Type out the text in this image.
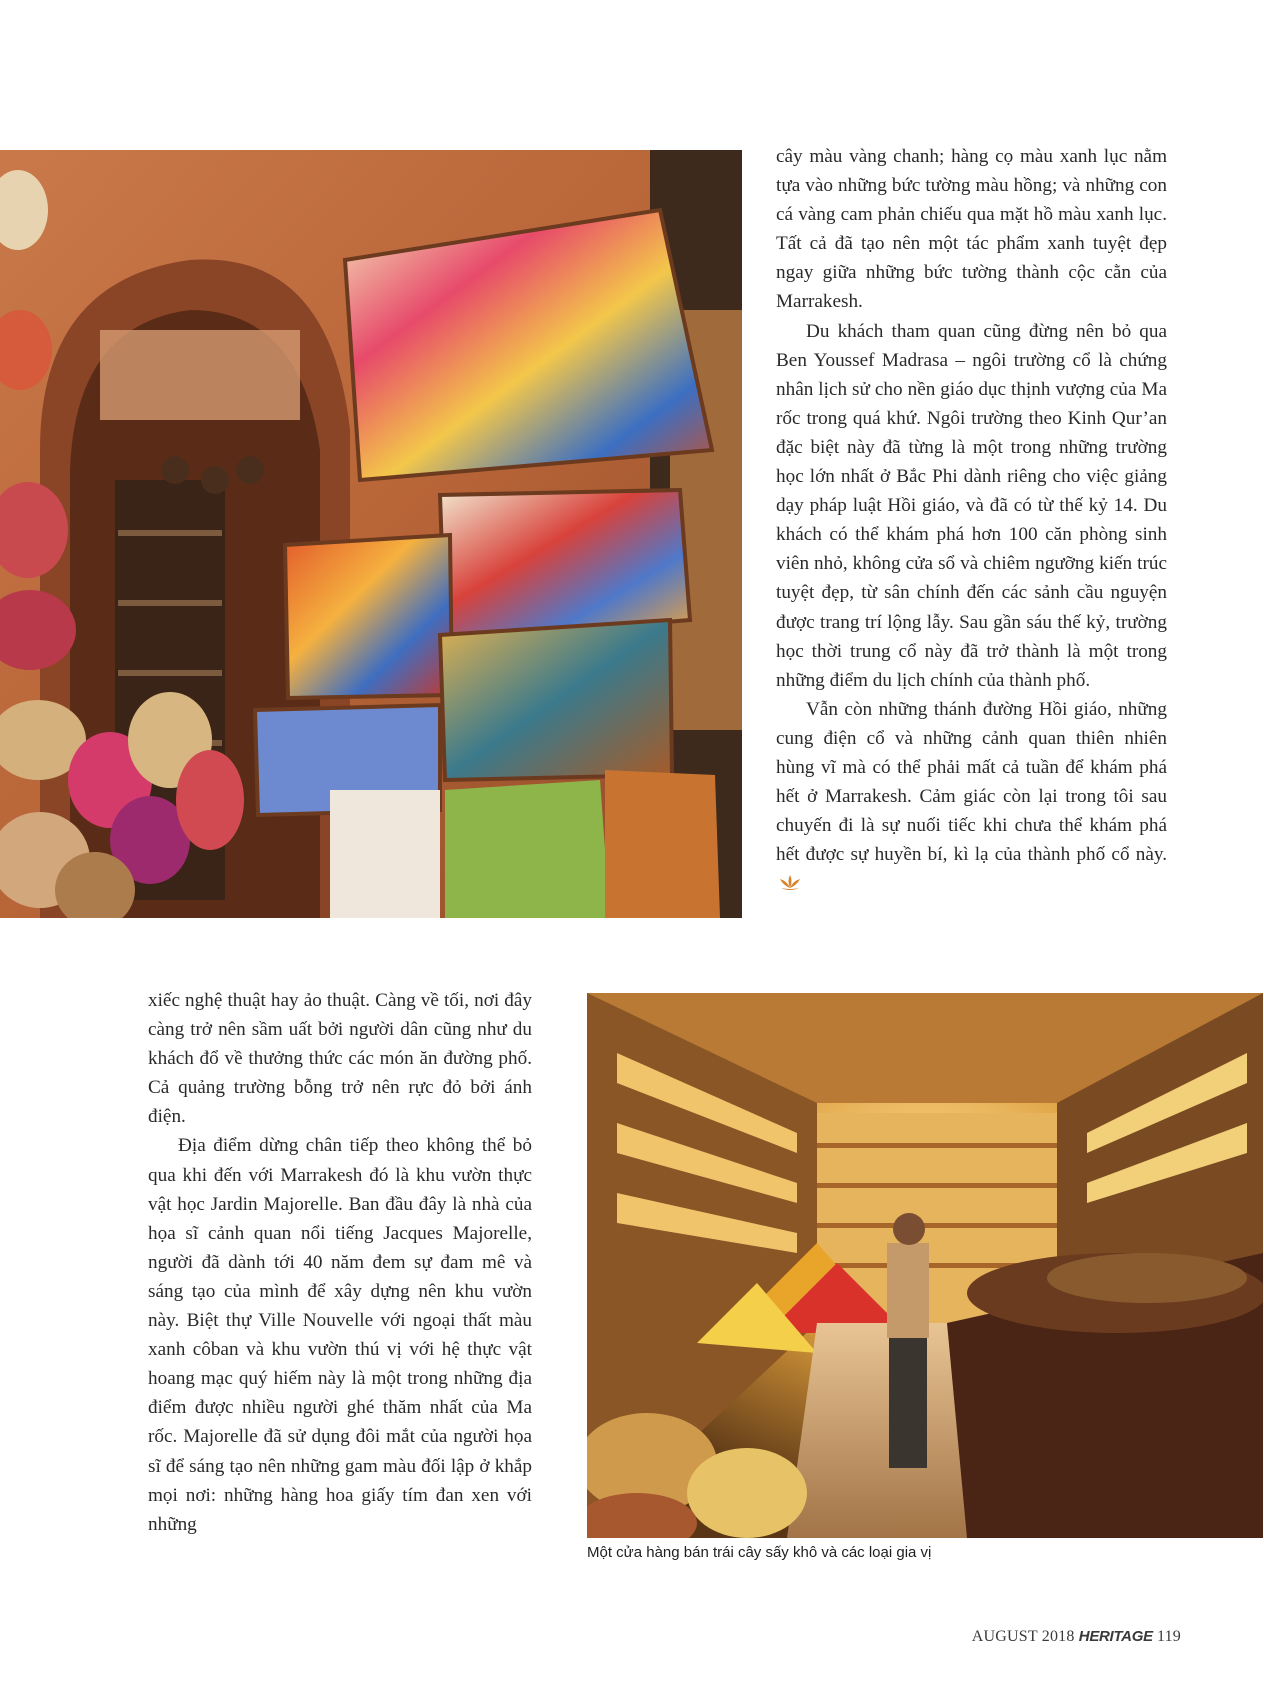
cây màu vàng chanh; hàng cọ màu xanh lục nằm tựa vào những bức tường màu hồng; và những con cá vàng cam phản chiếu qua mặt hồ màu xanh lục. Tất cả đã tạo nên một tác phẩm xanh tuyệt đẹp ngay giữa những bức tường thành cộc cằn của Marrakesh.

Du khách tham quan cũng đừng nên bỏ qua Ben Youssef Madrasa – ngôi trường cổ là chứng nhân lịch sử cho nền giáo dục thịnh vượng của Ma rốc trong quá khứ. Ngôi trường theo Kinh Qur’an đặc biệt này đã từng là một trong những trường học lớn nhất ở Bắc Phi dành riêng cho việc giảng dạy pháp luật Hồi giáo, và đã có từ thế kỷ 14. Du khách có thể khám phá hơn 100 căn phòng sinh viên nhỏ, không cửa sổ và chiêm ngưỡng kiến trúc tuyệt đẹp, từ sân chính đến các sảnh cầu nguyện được trang trí lộng lẫy. Sau gần sáu thế kỷ, trường học thời trung cổ này đã trở thành là một trong những điểm du lịch chính của thành phố.

Vẫn còn những thánh đường Hồi giáo, những cung điện cổ và những cảnh quan thiên nhiên hùng vĩ mà có thể phải mất cả tuần để khám phá hết ở Marrakesh. Cảm giác còn lại trong tôi sau chuyến đi là sự nuối tiếc khi chưa thể khám phá hết được sự huyền bí, kì lạ của thành phố cổ này.

xiếc nghệ thuật hay ảo thuật. Càng về tối, nơi đây càng trở nên sầm uất bởi người dân cũng như du khách đổ về thưởng thức các món ăn đường phố. Cả quảng trường bỗng trở nên rực đỏ bởi ánh điện.

Địa điểm dừng chân tiếp theo không thể bỏ qua khi đến với Marrakesh đó là khu vườn thực vật học Jardin Majorelle. Ban đầu đây là nhà của họa sĩ cảnh quan nổi tiếng Jacques Majorelle, người đã dành tới 40 năm đem sự đam mê và sáng tạo của mình để xây dựng nên khu vườn này. Biệt thự Ville Nouvelle với ngoại thất màu xanh côban và khu vườn thú vị với hệ thực vật hoang mạc quý hiếm này là một trong những địa điểm được nhiều người ghé thăm nhất của Ma rốc. Majorelle đã sử dụng đôi mắt của người họa sĩ để sáng tạo nên những gam màu đối lập ở khắp mọi nơi: những hàng hoa giấy tím đan xen với những

Một cửa hàng bán trái cây sấy khô và các loại gia vị
AUGUST 2018 HERITAGE 119
